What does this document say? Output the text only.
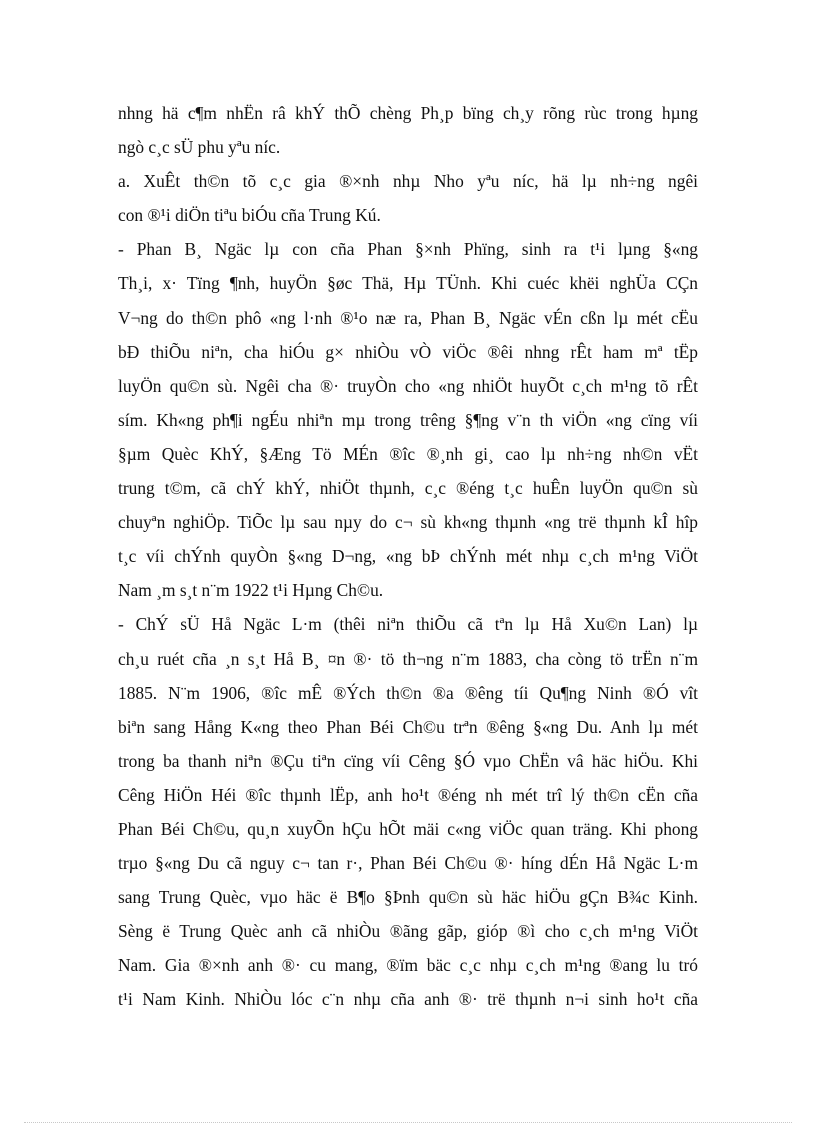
nhng hä c¶m nhËn râ khÝ thÕ chèng Ph¸p bïng ch¸y rõng rùc trong hµng
ngò c¸c sÜ phu yªu níc.
a. XuÊt th©n tõ c¸c gia ®×nh nhµ Nho yªu níc, hä lµ nh÷ng ngêi
con ®¹i diÖn tiªu biÓu cña Trung Kú.
- Phan B¸ Ngäc lµ con cña Phan §×nh Phïng, sinh ra t¹i lµng §«ng
Th¸i, x· Tïng ¶nh, huyÖn §øc Thä, Hµ TÜnh. Khi cuéc khëi nghÜa CÇn
V¬ng do th©n phô «ng l·nh ®¹o næ ra, Phan B¸ Ngäc vÉn cßn lµ mét cËu
bÐ thiÕu niªn, cha hiÓu g× nhiÒu vÒ viÖc ®êi nhng rÊt ham mª tËp
luyÖn qu©n sù. Ngêi cha ®· truyÒn cho «ng nhiÖt huyÕt c¸ch m¹ng tõ rÊt
sím. Kh«ng ph¶i ngÉu nhiªn mµ trong trêng §¶ng v¨n th viÖn «ng cïng víi
§µm Quèc KhÝ, §Æng Tö MÉn ®îc ®¸nh gi¸ cao lµ nh÷ng nh©n vËt
trung t©m, cã chÝ khÝ, nhiÖt thµnh, c¸c ®éng t¸c huÊn luyÖn qu©n sù
chuyªn nghiÖp. TiÕc lµ sau nµy do c¬ sù kh«ng thµnh «ng trë thµnh kÎ hîp
t¸c víi chÝnh quyÒn §«ng D¬ng, «ng bÞ chÝnh mét nhµ c¸ch m¹ng ViÖt
Nam ¸m s¸t n¨m 1922 t¹i Hµng Ch©u.
- ChÝ sÜ Hå Ngäc L·m (thêi niªn thiÕu cã tªn lµ Hå Xu©n Lan) lµ
ch¸u ruét cña ¸n s¸t Hå B¸ ¤n ®· tö th¬ng n¨m 1883, cha còng tö trËn n¨m
1885. N¨m 1906, ®îc mÊ ®Ých th©n ®a ®êng tíi Qu¶ng Ninh ®Ó vît
biªn sang Hång K«ng theo Phan Béi Ch©u trªn ®êng §«ng Du. Anh lµ mét
trong ba thanh niªn ®Çu tiªn cïng víi Cêng §Ó vµo ChËn vâ häc hiÖu. Khi
Cêng HiÖn Héi ®îc thµnh lËp, anh ho¹t ®éng nh mét trî lý th©n cËn cña
Phan Béi Ch©u, qu¸n xuyÕn hÇu hÕt mäi c«ng viÖc quan träng. Khi phong
trµo §«ng Du cã nguy c¬ tan r·, Phan Béi Ch©u ®· híng dÉn Hå Ngäc L·m
sang Trung Quèc, vµo häc ë B¶o §Þnh qu©n sù häc hiÖu gÇn B¾c Kinh.
Sèng ë Trung Quèc anh cã nhiÒu ®ãng gãp, gióp ®ì cho c¸ch m¹ng ViÖt
Nam. Gia ®×nh anh ®· cu mang, ®ïm bäc c¸c nhµ c¸ch m¹ng ®ang lu tró
t¹i Nam Kinh. NhiÒu lóc c¨n nhµ cña anh ®· trë thµnh n¬i sinh ho¹t cña
